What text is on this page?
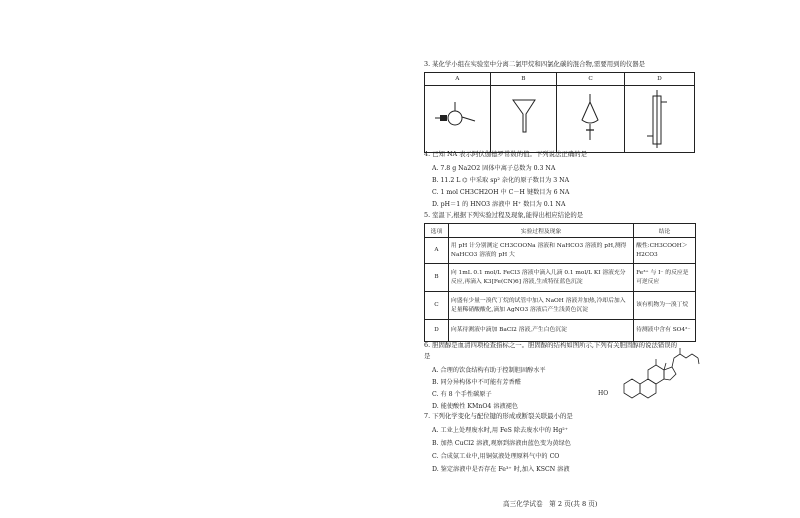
3. 某化学小组在实验室中分离二氯甲烷和四氯化碳的混合物,需要用到的仪器是
A	B	C	D

4. 已知 NA 表示阿伏伽德罗常数的值。下列说法正确的是
A. 7.8 g Na2O2 固体中离子总数为 0.3 NA
B. 11.2 L ⌬ 中采取 sp² 杂化的原子数目为 3 NA
C. 1 mol CH3CH2OH 中 C－H 键数目为 6 NA
D. pH＝1 的 HNO3 溶液中 H⁺ 数目为 0.1 NA
5. 室温下,根据下列实验过程及现象,能得出相应结论的是
选项	实验过程及现象	结论
A	用 pH 计分别测定 CH3COONa 溶液和 NaHCO3 溶液的 pH,测得 NaHCO3 溶液的 pH 大	酸性:CH3COOH＞H2CO3
B	向 1mL 0.1 mol/L FeCl3 溶液中滴入几滴 0.1 mol/L KI 溶液充分反应,再滴入 K3[Fe(CN)6] 溶液,生成特征蓝色沉淀	Fe³⁺ 与 I⁻ 的反应是可逆反应
C	向盛有少量一溴代丁烷的试管中加入 NaOH 溶液并加热,冷却后加入足量稀硝酸酸化,滴加 AgNO3 溶液后产生浅黄色沉淀	该有机物为一溴丁烷
D	向某待测液中滴加 BaCl2 溶液,产生白色沉淀	待测液中含有 SO4²⁻
6. 胆固醇是血清四项检查指标之一。胆固醇的结构如图所示,下列有关胆固醇的说法错误的
是
A. 合理的饮食结构有助于控制胆固醇水平
B. 同分异构体中不可能有芳香醛
C. 有 8 个手性碳原子
D. 能使酸性 KMnO4 溶液褪色
HO
7. 下列化学变化与配位键的形成或断裂关联最小的是
A. 工业上处理废水时,用 FeS 除去废水中的 Hg²⁺
B. 加热 CuCl2 溶液,观察到溶液由蓝色变为黄绿色
C. 合成氨工业中,用铜氨液处理原料气中的 CO
D. 鉴定溶液中是否存在 Fe³⁺ 时,加入 KSCN 溶液
高三化学试卷　第 2 页(共 8 页)
